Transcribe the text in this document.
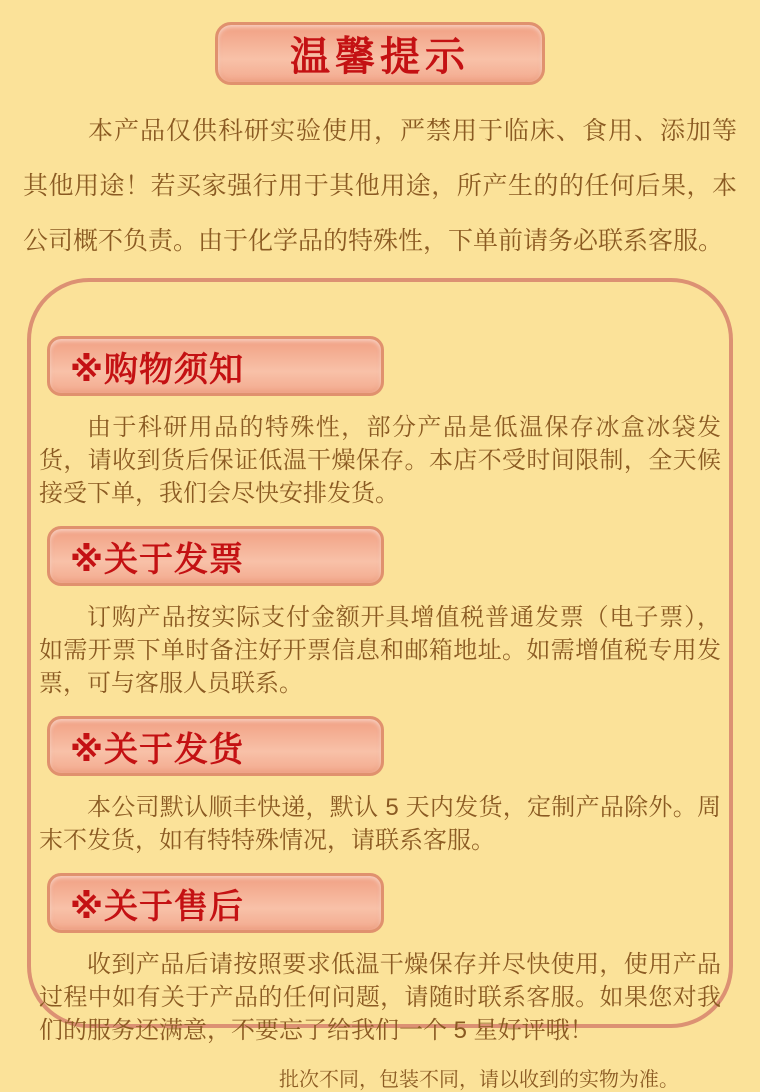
温馨提示

本产品仅供科研实验使用，严禁用于临床、食用、添加等其他用途！若买家强行用于其他用途，所产生的的任何后果，本公司概不负责。由于化学品的特殊性，下单前请务必联系客服。

※购物须知

由于科研用品的特殊性，部分产品是低温保存冰盒冰袋发货，请收到货后保证低温干燥保存。本店不受时间限制，全天候接受下单，我们会尽快安排发货。

※关于发票

订购产品按实际支付金额开具增值税普通发票（电子票），如需开票下单时备注好开票信息和邮箱地址。如需增值税专用发票，可与客服人员联系。

※关于发货

本公司默认顺丰快递，默认 5 天内发货，定制产品除外。周末不发货，如有特特殊情况，请联系客服。

※关于售后

收到产品后请按照要求低温干燥保存并尽快使用，使用产品过程中如有关于产品的任何问题，请随时联系客服。如果您对我们的服务还满意，不要忘了给我们一个 5 星好评哦！

批次不同，包装不同，请以收到的实物为准。
